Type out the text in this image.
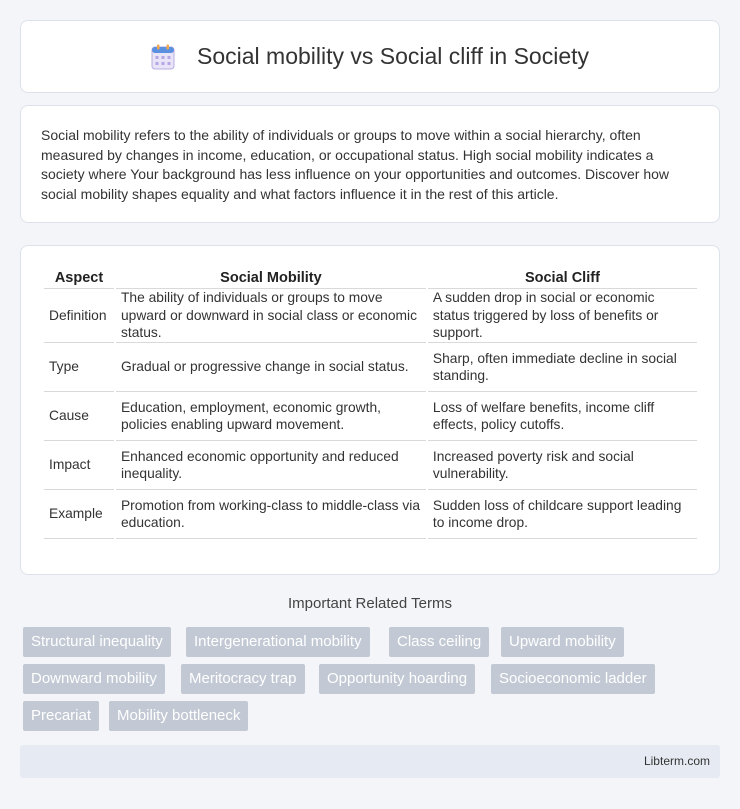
Social mobility vs Social cliff in Society

Social mobility refers to the ability of individuals or groups to move within a social hierarchy, often measured by changes in income, education, or occupational status. High social mobility indicates a society where Your background has less influence on your opportunities and outcomes. Discover how social mobility shapes equality and what factors influence it in the rest of this article.

Aspect	Social Mobility	Social Cliff
Definition	The ability of individuals or groups to move upward or downward in social class or economic status.	A sudden drop in social or economic status triggered by loss of benefits or support.
Type	Gradual or progressive change in social status.	Sharp, often immediate decline in social standing.
Cause	Education, employment, economic growth, policies enabling upward movement.	Loss of welfare benefits, income cliff effects, policy cutoffs.
Impact	Enhanced economic opportunity and reduced inequality.	Increased poverty risk and social vulnerability.
Example	Promotion from working-class to middle-class via education.	Sudden loss of childcare support leading to income drop.
Important Related Terms
Structural inequality	Intergenerational mobility	Class ceiling	Upward mobility
Downward mobility	Meritocracy trap	Opportunity hoarding	Socioeconomic ladder
Precariat	Mobility bottleneck
Libterm.com
